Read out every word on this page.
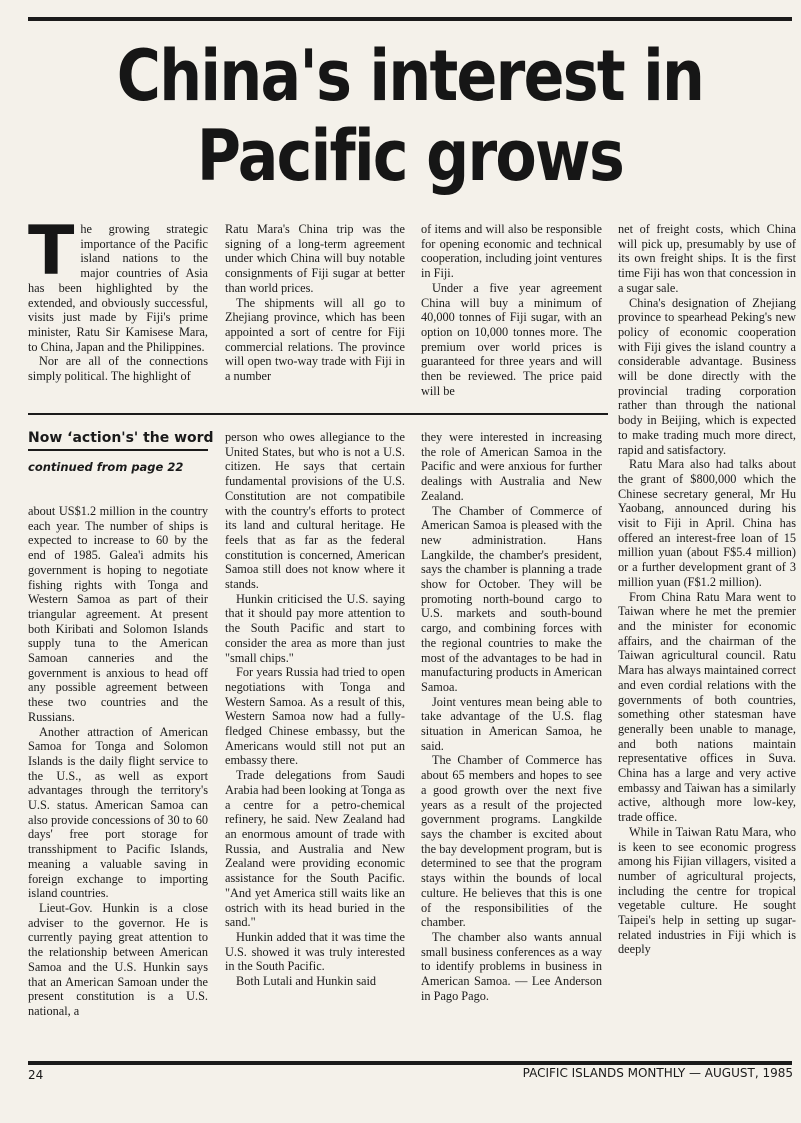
China's interest in
Pacific grows

The growing strategic importance of the Pacific island nations to the major countries of Asia has been highlighted by the extended, and obviously successful, visits just made by Fiji's prime minister, Ratu Sir Kamisese Mara, to China, Japan and the Philippines.

Nor are all of the connections simply political. The highlight of

Ratu Mara's China trip was the signing of a long-term agreement under which China will buy notable consignments of Fiji sugar at better than world prices.

The shipments will all go to Zhejiang province, which has been appointed a sort of centre for Fiji commercial relations. The province will open two-way trade with Fiji in a number

of items and will also be responsible for opening economic and technical cooperation, including joint ventures in Fiji.

Under a five year agreement China will buy a minimum of 40,000 tonnes of Fiji sugar, with an option on 10,000 tonnes more. The premium over world prices is guaranteed for three years and will then be reviewed. The price paid will be

net of freight costs, which China will pick up, presumably by use of its own freight ships. It is the first time Fiji has won that concession in a sugar sale.

China's designation of Zhejiang province to spearhead Peking's new policy of economic cooperation with Fiji gives the island country a considerable advantage. Business will be done directly with the provincial trading corporation rather than through the national body in Beijing, which is expected to make trading much more direct, rapid and satisfactory.

Ratu Mara also had talks about the grant of $800,000 which the Chinese secretary general, Mr Hu Yaobang, announced during his visit to Fiji in April. China has offered an interest-free loan of 15 million yuan (about F$5.4 million) or a further development grant of 3 million yuan (F$1.2 million).

From China Ratu Mara went to Taiwan where he met the premier and the minister for economic affairs, and the chairman of the Taiwan agricultural council. Ratu Mara has always maintained correct and even cordial relations with the governments of both countries, something other statesman have generally been unable to manage, and both nations maintain representative offices in Suva. China has a large and very active embassy and Taiwan has a similarly active, although more low-key, trade office.

While in Taiwan Ratu Mara, who is keen to see economic progress among his Fijian villagers, visited a number of agricultural projects, including the centre for tropical vegetable culture. He sought Taipei's help in setting up sugar-related industries in Fiji which is deeply

Now ‘action's' the word
continued from page 22

about US$1.2 million in the country each year. The number of ships is expected to increase to 60 by the end of 1985. Galea'i admits his government is hoping to negotiate fishing rights with Tonga and Western Samoa as part of their triangular agreement. At present both Kiribati and Solomon Islands supply tuna to the American Samoan canneries and the government is anxious to head off any possible agreement between these two countries and the Russians.

Another attraction of American Samoa for Tonga and Solomon Islands is the daily flight service to the U.S., as well as export advantages through the territory's U.S. status. American Samoa can also provide concessions of 30 to 60 days' free port storage for transshipment to Pacific Islands, meaning a valuable saving in foreign exchange to importing island countries.

Lieut-Gov. Hunkin is a close adviser to the governor. He is currently paying great attention to the relationship between American Samoa and the U.S. Hunkin says that an American Samoan under the present constitution is a U.S. national, a

person who owes allegiance to the United States, but who is not a U.S. citizen. He says that certain fundamental provisions of the U.S. Constitution are not compatibile with the country's efforts to protect its land and cultural heritage. He feels that as far as the federal constitution is concerned, American Samoa still does not know where it stands.

Hunkin criticised the U.S. saying that it should pay more attention to the South Pacific and start to consider the area as more than just "small chips."

For years Russia had tried to open negotiations with Tonga and Western Samoa. As a result of this, Western Samoa now had a fully-fledged Chinese embassy, but the Americans would still not put an embassy there.

Trade delegations from Saudi Arabia had been looking at Tonga as a centre for a petro-chemical refinery, he said. New Zealand had an enormous amount of trade with Russia, and Australia and New Zealand were providing economic assistance for the South Pacific. "And yet America still waits like an ostrich with its head buried in the sand."

Hunkin added that it was time the U.S. showed it was truly interested in the South Pacific.

Both Lutali and Hunkin said

they were interested in increasing the role of American Samoa in the Pacific and were anxious for further dealings with Australia and New Zealand.

The Chamber of Commerce of American Samoa is pleased with the new administration. Hans Langkilde, the chamber's president, says the chamber is planning a trade show for October. They will be promoting north-bound cargo to U.S. markets and south-bound cargo, and combining forces with the regional countries to make the most of the advantages to be had in manufacturing products in American Samoa.

Joint ventures mean being able to take advantage of the U.S. flag situation in American Samoa, he said.

The Chamber of Commerce has about 65 members and hopes to see a good growth over the next five years as a result of the projected government programs. Langkilde says the chamber is excited about the bay development program, but is determined to see that the program stays within the bounds of local culture. He believes that this is one of the responsibilities of the chamber.

The chamber also wants annual small business conferences as a way to identify problems in business in American Samoa. — Lee Anderson in Pago Pago.

24	PACIFIC ISLANDS MONTHLY — AUGUST, 1985
